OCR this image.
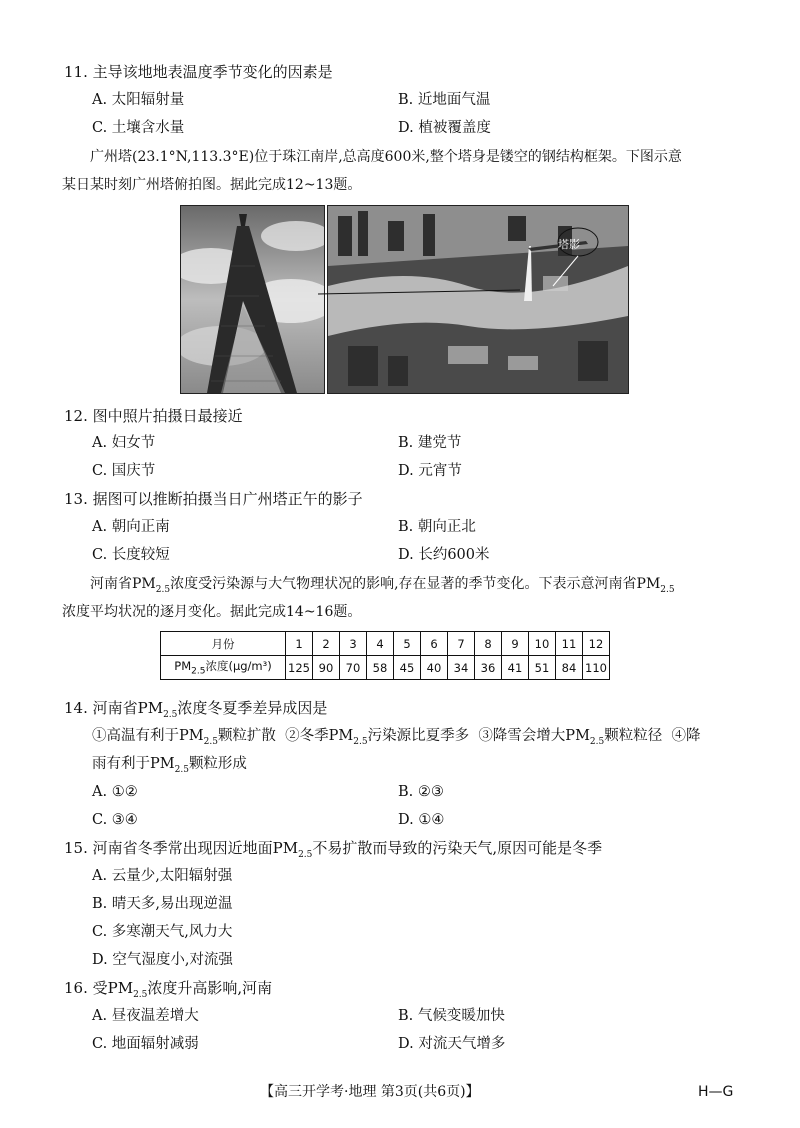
11. 主导该地地表温度季节变化的因素是
A. 太阳辐射量	B. 近地面气温
C. 土壤含水量	D. 植被覆盖度
广州塔(23.1°N,113.3°E)位于珠江南岸,总高度600米,整个塔身是镂空的钢结构框架。下图示意
某日某时刻广州塔俯拍图。据此完成12~13题。
塔影
12. 图中照片拍摄日最接近
A. 妇女节	B. 建党节
C. 国庆节	D. 元宵节
13. 据图可以推断拍摄当日广州塔正午的影子
A. 朝向正南	B. 朝向正北
C. 长度较短	D. 长约600米
河南省$PM_{2.5}$浓度受污染源与大气物理状况的影响,存在显著的季节变化。下表示意河南省$PM_{2.5}$
浓度平均状况的逐月变化。据此完成14~16题。
月份	1	2	3	4	5	6	7	8	9	10	11	12
$PM_{2.5}$浓度(μg/m³)	125	90	70	58	45	40	34	36	41	51	84	110
14. 河南省$PM_{2.5}$浓度冬夏季差异成因是
①高温有利于$PM_{2.5}$颗粒扩散 ②冬季$PM_{2.5}$污染源比夏季多 ③降雪会增大$PM_{2.5}$颗粒粒径 ④降
雨有利于$PM_{2.5}$颗粒形成
A. ①②	B. ②③
C. ③④	D. ①④
15. 河南省冬季常出现因近地面$PM_{2.5}$不易扩散而导致的污染天气,原因可能是冬季
A. 云量少,太阳辐射强
B. 晴天多,易出现逆温
C. 多寒潮天气,风力大
D. 空气湿度小,对流强
16. 受$PM_{2.5}$浓度升高影响,河南
A. 昼夜温差增大	B. 气候变暖加快
C. 地面辐射减弱	D. 对流天气增多
【高三开学考·地理 第3页(共6页)】	H—G
